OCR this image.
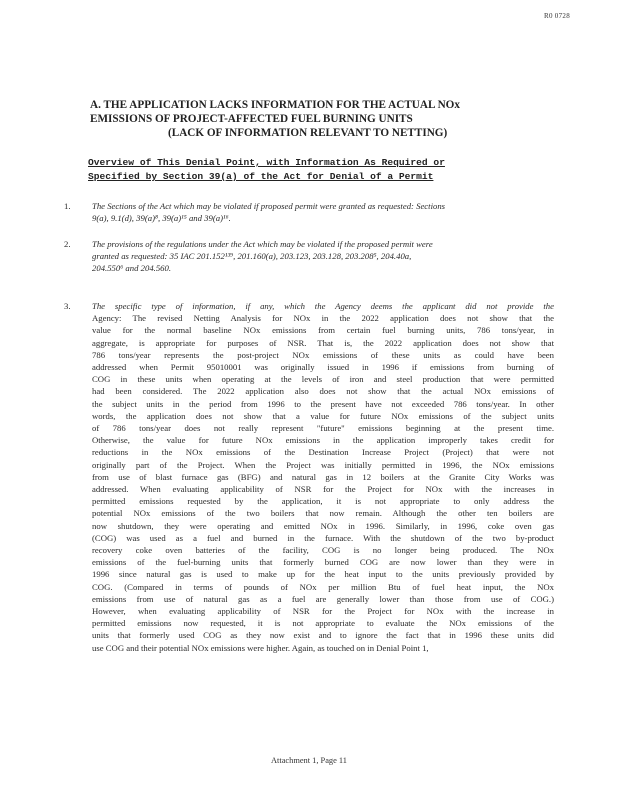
R0 0728
A. THE APPLICATION LACKS INFORMATION FOR THE ACTUAL NOx
EMISSIONS OF PROJECT-AFFECTED FUEL BURNING UNITS
(LACK OF INFORMATION RELEVANT TO NETTING)
Overview of This Denial Point, with Information As Required or
Specified by Section 39(a) of the Act for Denial of a Permit
1.	The Sections of the Act which may be violated if proposed permit were granted as requested: Sections
9(a), 9.1(d), 39(a)⁸, 39(a)¹⁵ and 39(a)¹⁶.
2.	The provisions of the regulations under the Act which may be violated if the proposed permit were
granted as requested: 35 IAC 201.152¹³⁹, 201.160(a), 203.123, 203.128, 203.208⁵, 204.40a,
204.550⁶ and 204.560.
3.	The specific type of information, if any, which the Agency deems the applicant did not provide the
Agency: The revised Netting Analysis for NOx in the 2022 application does not show that the
value for the normal baseline NOx emissions from certain fuel burning units, 786 tons/year, in
aggregate, is appropriate for purposes of NSR. That is, the 2022 application does not show that
786 tons/year represents the post-project NOx emissions of these units as could have been
addressed when Permit 95010001 was originally issued in 1996 if emissions from burning of
COG in these units when operating at the levels of iron and steel production that were permitted
had been considered. The 2022 application also does not show that the actual NOx emissions of
the subject units in the period from 1996 to the present have not exceeded 786 tons/year. In other
words, the application does not show that a value for future NOx emissions of the subject units
of 786 tons/year does not really represent "future" emissions beginning at the present time.
Otherwise, the value for future NOx emissions in the application improperly takes credit for
reductions in the NOx emissions of the Destination Increase Project (Project) that were not
originally part of the Project. When the Project was initially permitted in 1996, the NOx emissions
from use of blast furnace gas (BFG) and natural gas in 12 boilers at the Granite City Works was
addressed. When evaluating applicability of NSR for the Project for NOx with the increases in
permitted emissions requested by the application, it is not appropriate to only address the
potential NOx emissions of the two boilers that now remain. Although the other ten boilers are
now shutdown, they were operating and emitted NOx in 1996. Similarly, in 1996, coke oven gas
(COG) was used as a fuel and burned in the furnace. With the shutdown of the two by-product
recovery coke oven batteries of the facility, COG is no longer being produced. The NOx
emissions of the fuel-burning units that formerly burned COG are now lower than they were in
1996 since natural gas is used to make up for the heat input to the units previously provided by
COG. (Compared in terms of pounds of NOx per million Btu of fuel heat input, the NOx
emissions from use of natural gas as a fuel are generally lower than those from use of COG.)
However, when evaluating applicability of NSR for the Project for NOx with the increase in
permitted emissions now requested, it is not appropriate to evaluate the NOx emissions of the
units that formerly used COG as they now exist and to ignore the fact that in 1996 these units did
use COG and their potential NOx emissions were higher. Again, as touched on in Denial Point 1,
Attachment 1, Page 11
